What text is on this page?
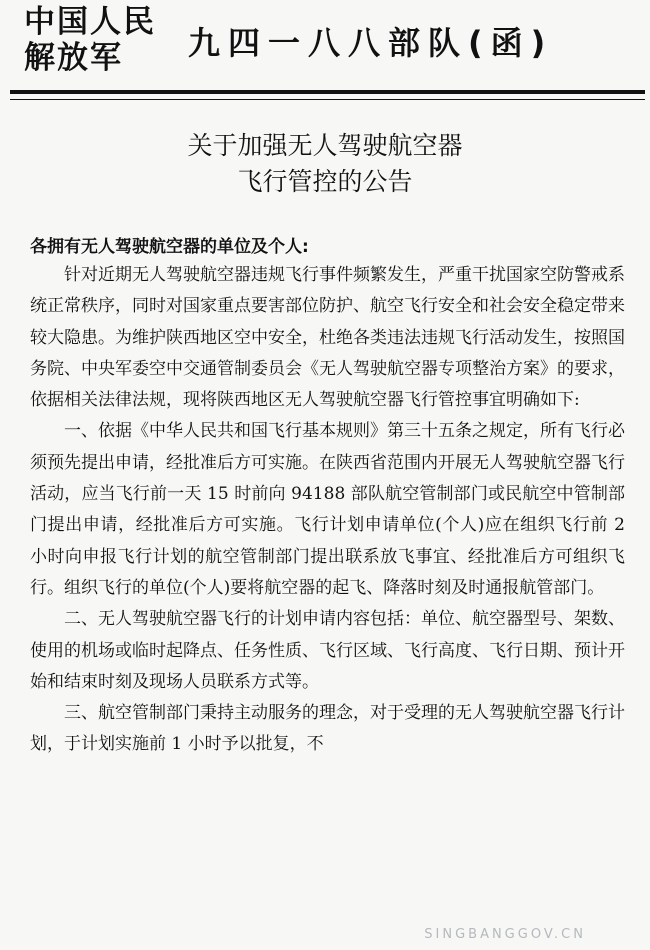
中国人民
解放军	九四一八八部队(函)
关于加强无人驾驶航空器
飞行管控的公告
各拥有无人驾驶航空器的单位及个人:

针对近期无人驾驶航空器违规飞行事件频繁发生，严重干扰国家空防警戒系统正常秩序，同时对国家重点要害部位防护、航空飞行安全和社会安全稳定带来较大隐患。为维护陕西地区空中安全，杜绝各类违法违规飞行活动发生，按照国务院、中央军委空中交通管制委员会《无人驾驶航空器专项整治方案》的要求，依据相关法律法规，现将陕西地区无人驾驶航空器飞行管控事宜明确如下:

一、依据《中华人民共和国飞行基本规则》第三十五条之规定，所有飞行必须预先提出申请，经批准后方可实施。在陕西省范围内开展无人驾驶航空器飞行活动，应当飞行前一天 15 时前向 94188 部队航空管制部门或民航空中管制部门提出申请，经批准后方可实施。飞行计划申请单位(个人)应在组织飞行前 2 小时向申报飞行计划的航空管制部门提出联系放飞事宜、经批准后方可组织飞行。组织飞行的单位(个人)要将航空器的起飞、降落时刻及时通报航管部门。

二、无人驾驶航空器飞行的计划申请内容包括：单位、航空器型号、架数、使用的机场或临时起降点、任务性质、飞行区域、飞行高度、飞行日期、预计开始和结束时刻及现场人员联系方式等。

三、航空管制部门秉持主动服务的理念，对于受理的无人驾驶航空器飞行计划，于计划实施前 1 小时予以批复，不

SINGBANGGOV.CN
